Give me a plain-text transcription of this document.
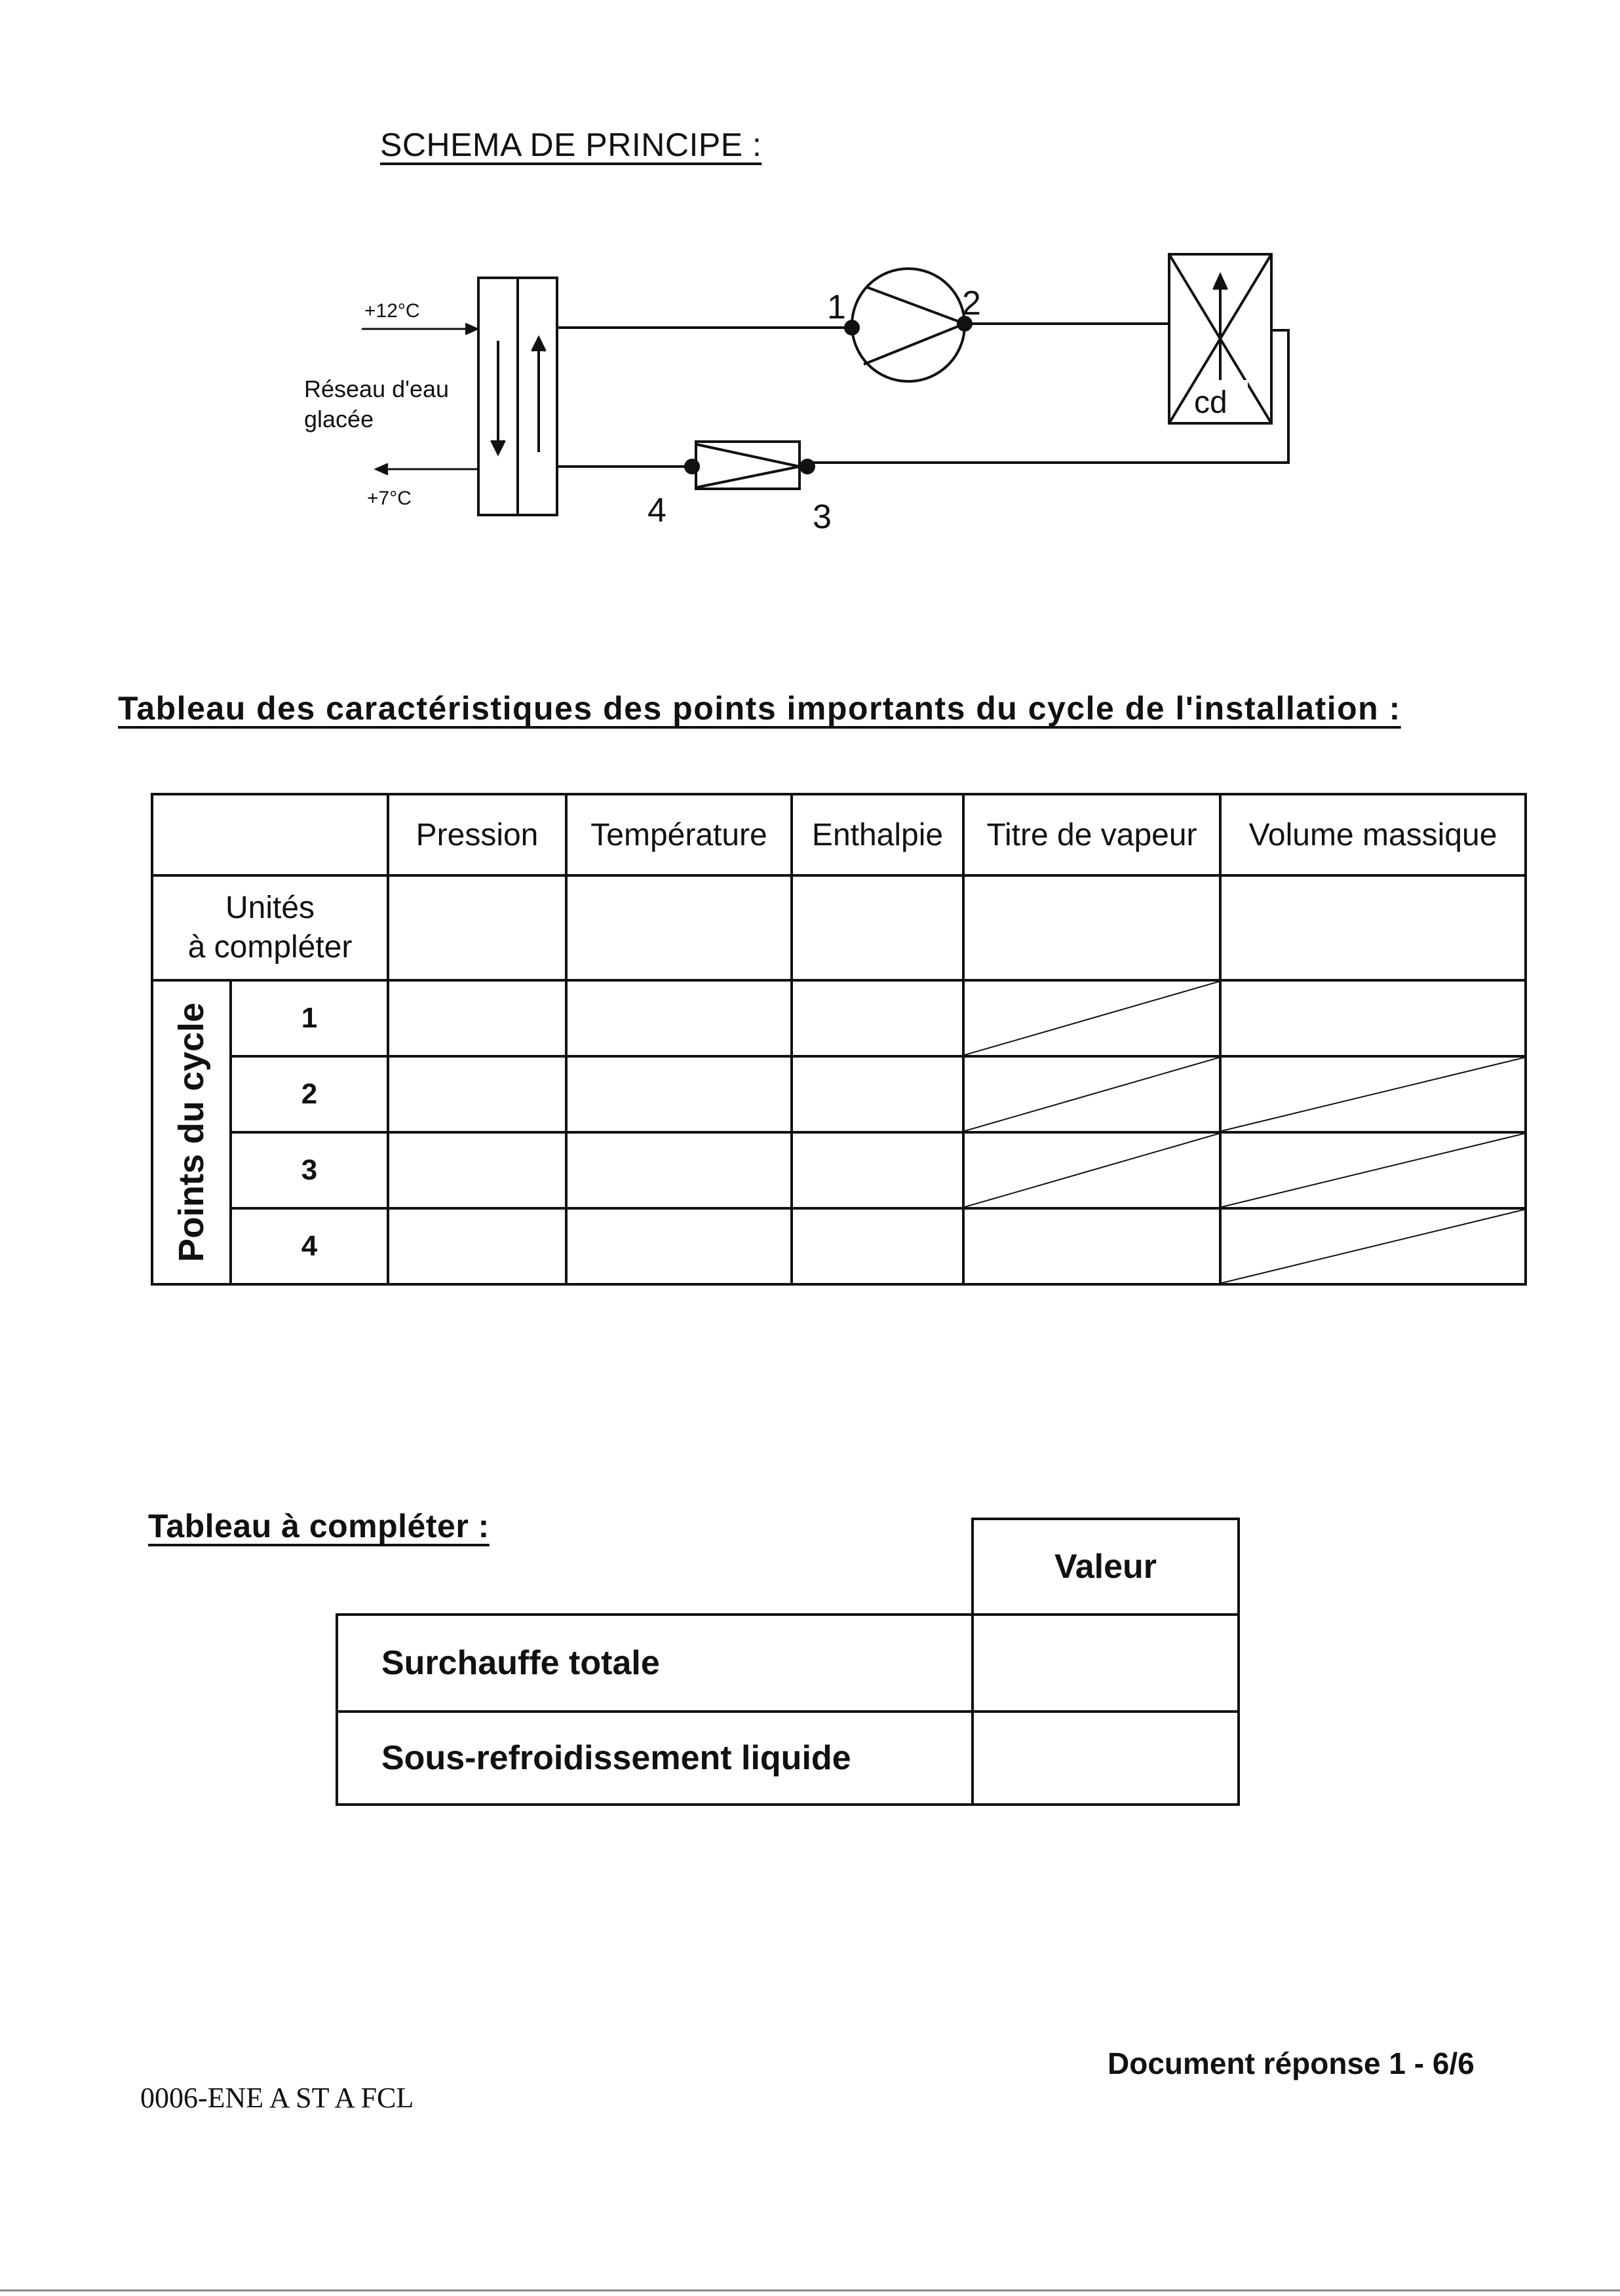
SCHEMA DE PRINCIPE :
Tableau des caractéristiques des points importants du cycle de l'installation :
Tableau à compléter :
+12°C
+7°C
Réseau d'eau
glacée	cd
1	2
3
4
		Pression	Température	Enthalpie	Titre de vapeur	Volume massique

Unités
à compléter						

Points du cycle	1				

	2				

	3				

	4					
	Valeur
Surchauffe totale	
Sous-refroidissement liquide	
Document réponse 1 - 6/6
0006-ENE A ST A FCL
